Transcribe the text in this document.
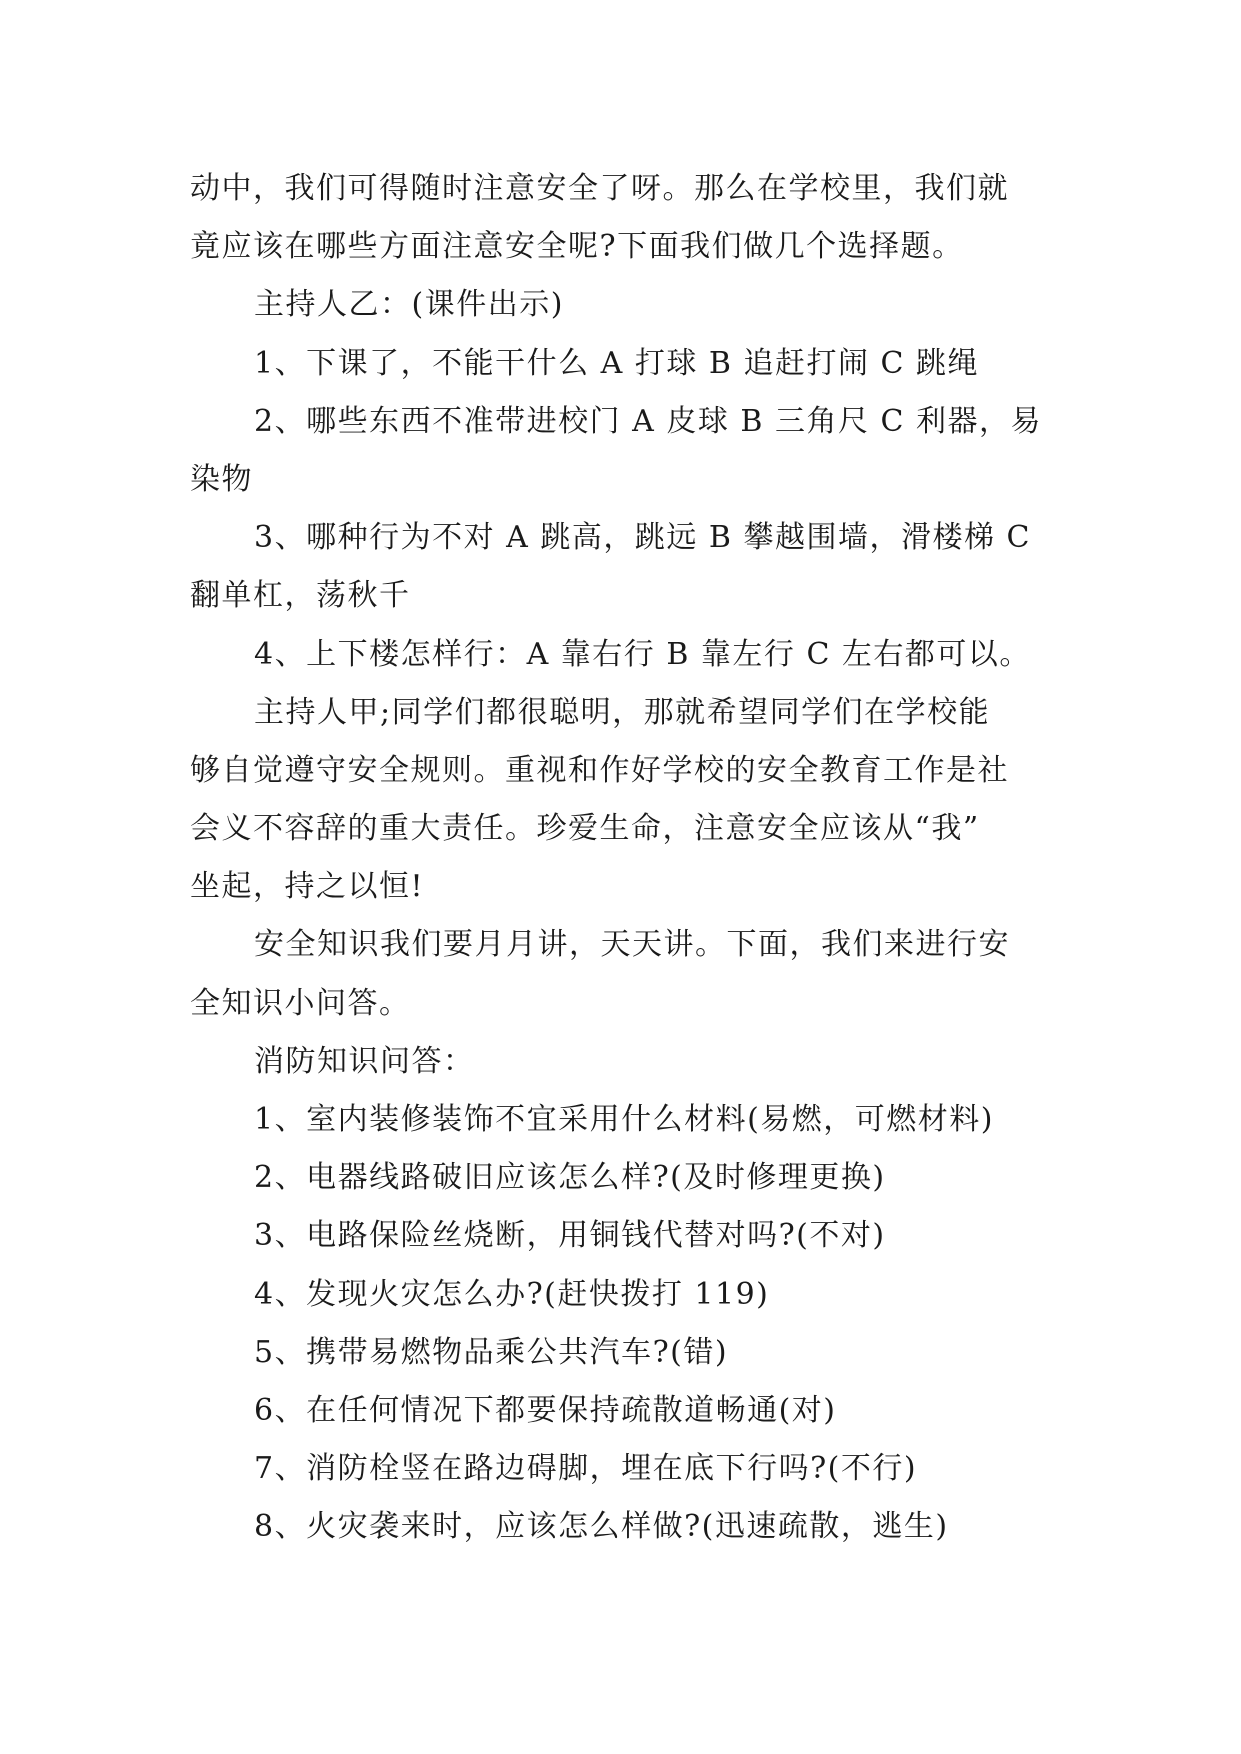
动中，我们可得随时注意安全了呀。那么在学校里，我们就
竟应该在哪些方面注意安全呢?下面我们做几个选择题。
主持人乙：(课件出示)
1、下课了，不能干什么 A 打球 B 追赶打闹 C 跳绳
2、哪些东西不准带进校门 A 皮球 B 三角尺 C 利器，易
染物
3、哪种行为不对 A 跳高，跳远 B 攀越围墙，滑楼梯 C
翻单杠，荡秋千
4、上下楼怎样行：A 靠右行 B 靠左行 C 左右都可以。
主持人甲;同学们都很聪明，那就希望同学们在学校能
够自觉遵守安全规则。重视和作好学校的安全教育工作是社
会义不容辞的重大责任。珍爱生命，注意安全应该从“我”
坐起，持之以恒!
安全知识我们要月月讲，天天讲。下面，我们来进行安
全知识小问答。
消防知识问答：
1、室内装修装饰不宜采用什么材料(易燃，可燃材料)
2、电器线路破旧应该怎么样?(及时修理更换)
3、电路保险丝烧断，用铜钱代替对吗?(不对)
4、发现火灾怎么办?(赶快拨打 119)
5、携带易燃物品乘公共汽车?(错)
6、在任何情况下都要保持疏散道畅通(对)
7、消防栓竖在路边碍脚，埋在底下行吗?(不行)
8、火灾袭来时，应该怎么样做?(迅速疏散，逃生)
